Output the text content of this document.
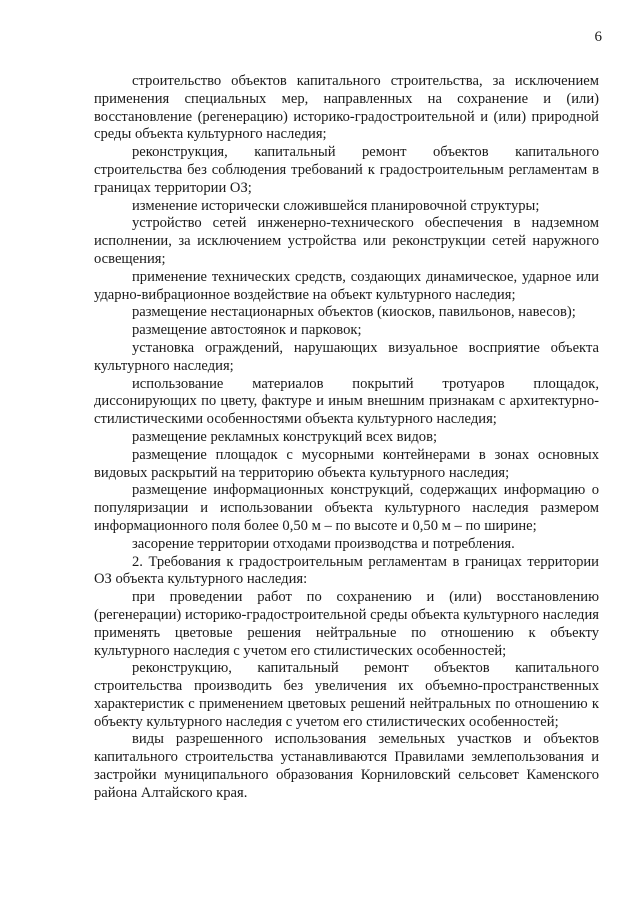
6

строительство объектов капитального строительства, за исключением применения специальных мер, направленных на сохранение и (или) восстановление (регенерацию) историко-градостроительной и (или) природной среды объекта культурного наследия;

реконструкция, капитальный ремонт объектов капитального строительства без соблюдения требований к градостроительным регламентам в границах территории ОЗ;

изменение исторически сложившейся планировочной структуры;

устройство сетей инженерно-технического обеспечения в надземном исполнении, за исключением устройства или реконструкции сетей наружного освещения;

применение технических средств, создающих динамическое, ударное или ударно-вибрационное воздействие на объект культурного наследия;

размещение нестационарных объектов (киосков, павильонов, навесов);

размещение автостоянок и парковок;

установка ограждений, нарушающих визуальное восприятие объекта культурного наследия;

использование материалов покрытий тротуаров площадок, диссонирующих по цвету, фактуре и иным внешним признакам с архитектурно-стилистическими особенностями объекта культурного наследия;

размещение рекламных конструкций всех видов;

размещение площадок с мусорными контейнерами в зонах основных видовых раскрытий на территорию объекта культурного наследия;

размещение информационных конструкций, содержащих информацию о популяризации и использовании объекта культурного наследия размером информационного поля более 0,50 м – по высоте и 0,50 м – по ширине;

засорение территории отходами производства и потребления.

2. Требования к градостроительным регламентам в границах территории ОЗ объекта культурного наследия:

при проведении работ по сохранению и (или) восстановлению (регенерации) историко-градостроительной среды объекта культурного наследия применять цветовые решения нейтральные по отношению к объекту культурного наследия с учетом его стилистических особенностей;

реконструкцию, капитальный ремонт объектов капитального строительства производить без увеличения их объемно-пространственных характеристик с применением цветовых решений нейтральных по отношению к объекту культурного наследия с учетом его стилистических особенностей;

виды разрешенного использования земельных участков и объектов капитального строительства устанавливаются Правилами землепользования и застройки муниципального образования Корниловский сельсовет Каменского района Алтайского края.
